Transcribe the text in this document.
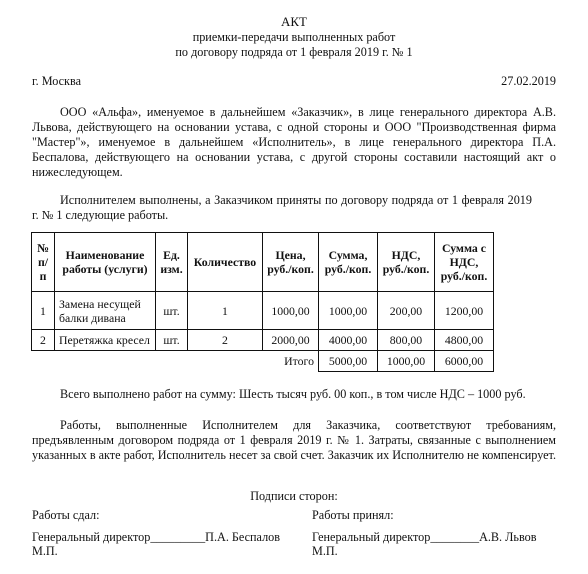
АКТ
приемки-передачи выполненных работ
по договору подряда от 1 февраля 2019 г. № 1
г. Москва	27.02.2019
ООО «Альфа», именуемое в дальнейшем «Заказчик», в лице генерального директора А.В. Львова, действующего на основании устава, с одной стороны и ООО "Производственная фирма "Мастер"», именуемое в дальнейшем «Исполнитель», в лице генерального директора П.А. Беспалова, действующего на основании устава, с другой стороны составили настоящий акт о нижеследующем.
Исполнителем выполнены, а Заказчиком приняты по договору подряда от 1 февраля 2019 г. № 1 следующие работы.
№ п/п	Наименование работы (услуги)	Ед. изм.	Количество	Цена, руб./коп.	Сумма, руб./коп.	НДС, руб./коп.	Сумма с НДС, руб./коп.
1	Замена несущей балки дивана	шт.	1	1000,00	1000,00	200,00	1200,00
2	Перетяжка кресел	шт.	2	2000,00	4000,00	800,00	4800,00
				Итого	5000,00	1000,00	6000,00
Всего выполнено работ на сумму: Шесть тысяч руб. 00 коп., в том числе НДС – 1000 руб.
Работы, выполненные Исполнителем для Заказчика, соответствуют требованиям, предъявленным договором подряда от 1 февраля 2019 г. № 1. Затраты, связанные с выполнением указанных в акте работ, Исполнитель несет за свой счет. Заказчик их Исполнителю не компенсирует.
Подписи сторон:
Работы сдал:	Работы принял:
Генеральный директор_________П.А. Беспалов	Генеральный директор________А.В. Львов
М.П.	М.П.
